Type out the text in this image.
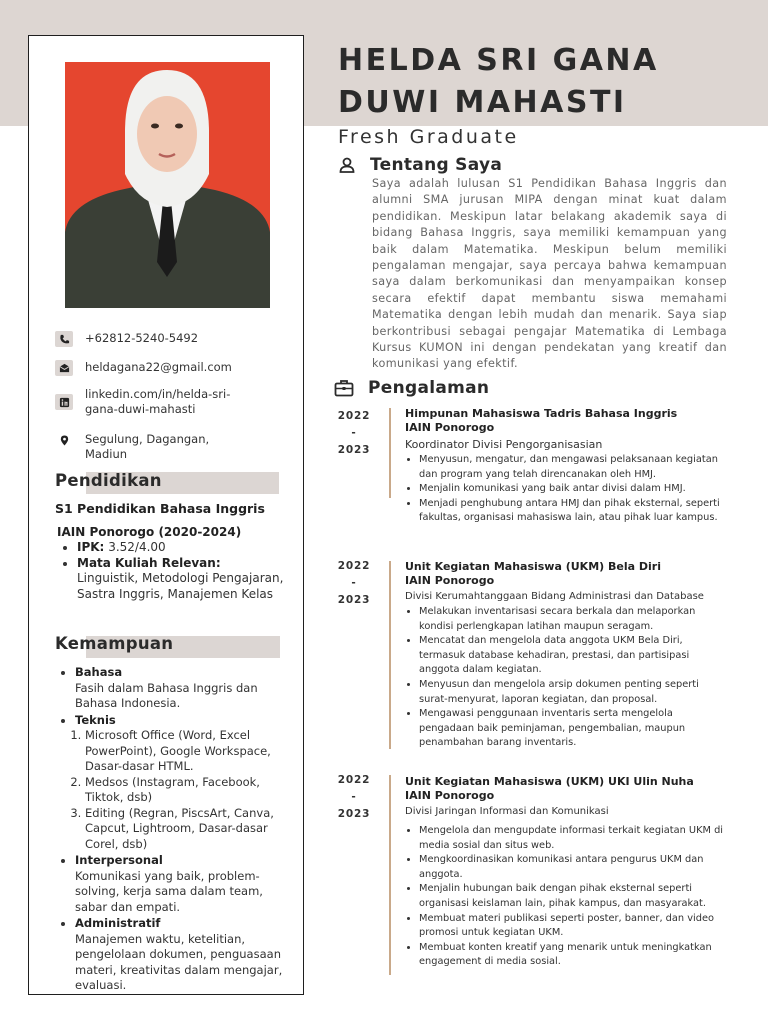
+62812-5240-5492
heldagana22@gmail.com
linkedin.com/in/helda-sri-gana-duwi-mahasti
Segulung, Dagangan, Madiun
Pendidikan
S1 Pendidikan Bahasa Inggris
IAIN Ponorogo (2020-2024)
• IPK: 3.52/4.00
• Mata Kuliah Relevan:
Linguistik, Metodologi Pengajaran, Sastra Inggris, Manajemen Kelas
Kemampuan
• Bahasa
Fasih dalam Bahasa Inggris dan Bahasa Indonesia.
• Teknis
1. Microsoft Office (Word, Excel PowerPoint), Google Workspace, Dasar-dasar HTML.
2. Medsos (Instagram, Facebook, Tiktok, dsb)
3. Editing (Regran, PiscsArt, Canva, Capcut, Lightroom, Dasar-dasar Corel, dsb)
• Interpersonal
Komunikasi yang baik, problem-solving, kerja sama dalam team, sabar dan empati.
• Administratif
Manajemen waktu, ketelitian, pengelolaan dokumen, penguasaan materi, kreativitas dalam mengajar, evaluasi.
HELDA SRI GANA DUWI MAHASTI
Fresh Graduate
Tentang Saya
Saya adalah lulusan S1 Pendidikan Bahasa Inggris dan alumni SMA jurusan MIPA dengan minat kuat dalam pendidikan. Meskipun latar belakang akademik saya di bidang Bahasa Inggris, saya memiliki kemampuan yang baik dalam Matematika. Meskipun belum memiliki pengalaman mengajar, saya percaya bahwa kemampuan saya dalam berkomunikasi dan menyampaikan konsep secara efektif dapat membantu siswa memahami Matematika dengan lebih mudah dan menarik. Saya siap berkontribusi sebagai pengajar Matematika di Lembaga Kursus KUMON ini dengan pendekatan yang kreatif dan komunikasi yang efektif.
Pengalaman
2022
-
2023
Himpunan Mahasiswa Tadris Bahasa Inggris
IAIN Ponorogo
Koordinator Divisi Pengorganisasian
• Menyusun, mengatur, dan mengawasi pelaksanaan kegiatan dan program yang telah direncanakan oleh HMJ.
• Menjalin komunikasi yang baik antar divisi dalam HMJ.
• Menjadi penghubung antara HMJ dan pihak eksternal, seperti fakultas, organisasi mahasiswa lain, atau pihak luar kampus.
2022
-
2023
Unit Kegiatan Mahasiswa (UKM) Bela Diri
IAIN Ponorogo
Divisi Kerumahtanggaan Bidang Administrasi dan Database
• Melakukan inventarisasi secara berkala dan melaporkan kondisi perlengkapan latihan maupun seragam.
• Mencatat dan mengelola data anggota UKM Bela Diri, termasuk database kehadiran, prestasi, dan partisipasi anggota dalam kegiatan.
• Menyusun dan mengelola arsip dokumen penting seperti surat-menyurat, laporan kegiatan, dan proposal.
• Mengawasi penggunaan inventaris serta mengelola pengadaan baik peminjaman, pengembalian, maupun penambahan barang inventaris.
2022
-
2023
Unit Kegiatan Mahasiswa (UKM) UKI Ulin Nuha
IAIN Ponorogo
Divisi Jaringan Informasi dan Komunikasi
• Mengelola dan mengupdate informasi terkait kegiatan UKM di media sosial dan situs web.
• Mengkoordinasikan komunikasi antara pengurus UKM dan anggota.
• Menjalin hubungan baik dengan pihak eksternal seperti organisasi keislaman lain, pihak kampus, dan masyarakat.
• Membuat materi publikasi seperti poster, banner, dan video promosi untuk kegiatan UKM.
• Membuat konten kreatif yang menarik untuk meningkatkan engagement di media sosial.
